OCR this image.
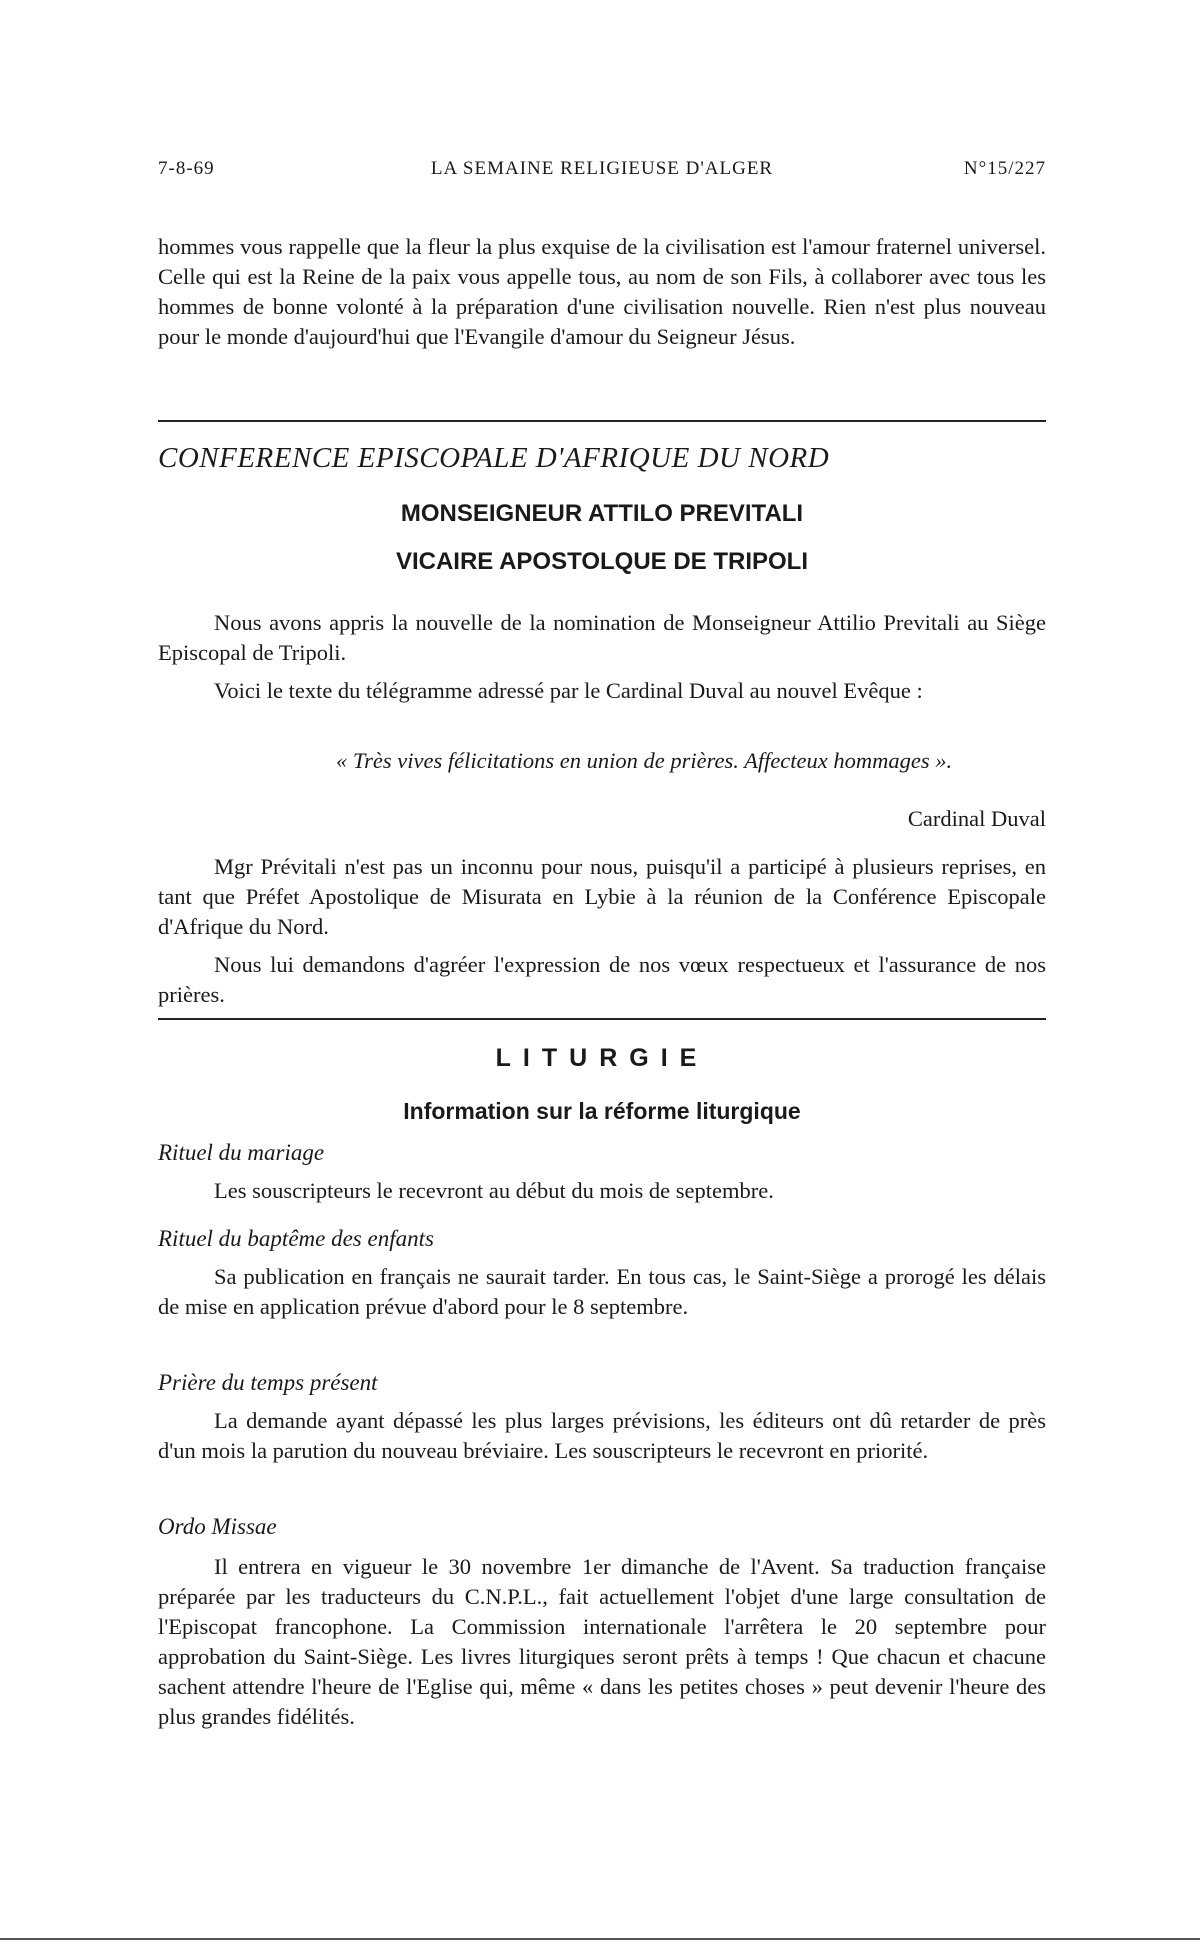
7-8-69	LA SEMAINE RELIGIEUSE D'ALGER	N°15/227

hommes vous rappelle que la fleur la plus exquise de la civilisation est l'amour fraternel universel. Celle qui est la Reine de la paix vous appelle tous, au nom de son Fils, à collaborer avec tous les hommes de bonne volonté à la préparation d'une civilisation nouvelle. Rien n'est plus nouveau pour le monde d'aujourd'hui que l'Evangile d'amour du Seigneur Jésus.

CONFERENCE EPISCOPALE D'AFRIQUE DU NORD
MONSEIGNEUR ATTILO PREVITALI
VICAIRE APOSTOLQUE DE TRIPOLI

Nous avons appris la nouvelle de la nomination de Monseigneur Attilio Previtali au Siège Episcopal de Tripoli.

Voici le texte du télégramme adressé par le Cardinal Duval au nouvel Evêque :

« Très vives félicitations en union de prières. Affecteux hommages ».
Cardinal Duval

Mgr Prévitali n'est pas un inconnu pour nous, puisqu'il a participé à plusieurs reprises, en tant que Préfet Apostolique de Misurata en Lybie à la réunion de la Conférence Episcopale d'Afrique du Nord.

Nous lui demandons d'agréer l'expression de nos vœux respectueux et l'assurance de nos prières.

LITURGIE
Information sur la réforme liturgique
Rituel du mariage

Les souscripteurs le recevront au début du mois de septembre.

Rituel du baptême des enfants

Sa publication en français ne saurait tarder. En tous cas, le Saint-Siège a prorogé les délais de mise en application prévue d'abord pour le 8 septembre.

Prière du temps présent

La demande ayant dépassé les plus larges prévisions, les éditeurs ont dû retarder de près d'un mois la parution du nouveau bréviaire. Les souscripteurs le recevront en priorité.

Ordo Missae

Il entrera en vigueur le 30 novembre 1er dimanche de l'Avent. Sa traduction française préparée par les traducteurs du C.N.P.L., fait actuellement l'objet d'une large consultation de l'Episcopat francophone. La Commission internationale l'arrêtera le 20 septembre pour approbation du Saint-Siège. Les livres liturgiques seront prêts à temps ! Que chacun et chacune sachent attendre l'heure de l'Eglise qui, même « dans les petites choses » peut devenir l'heure des plus grandes fidélités.
